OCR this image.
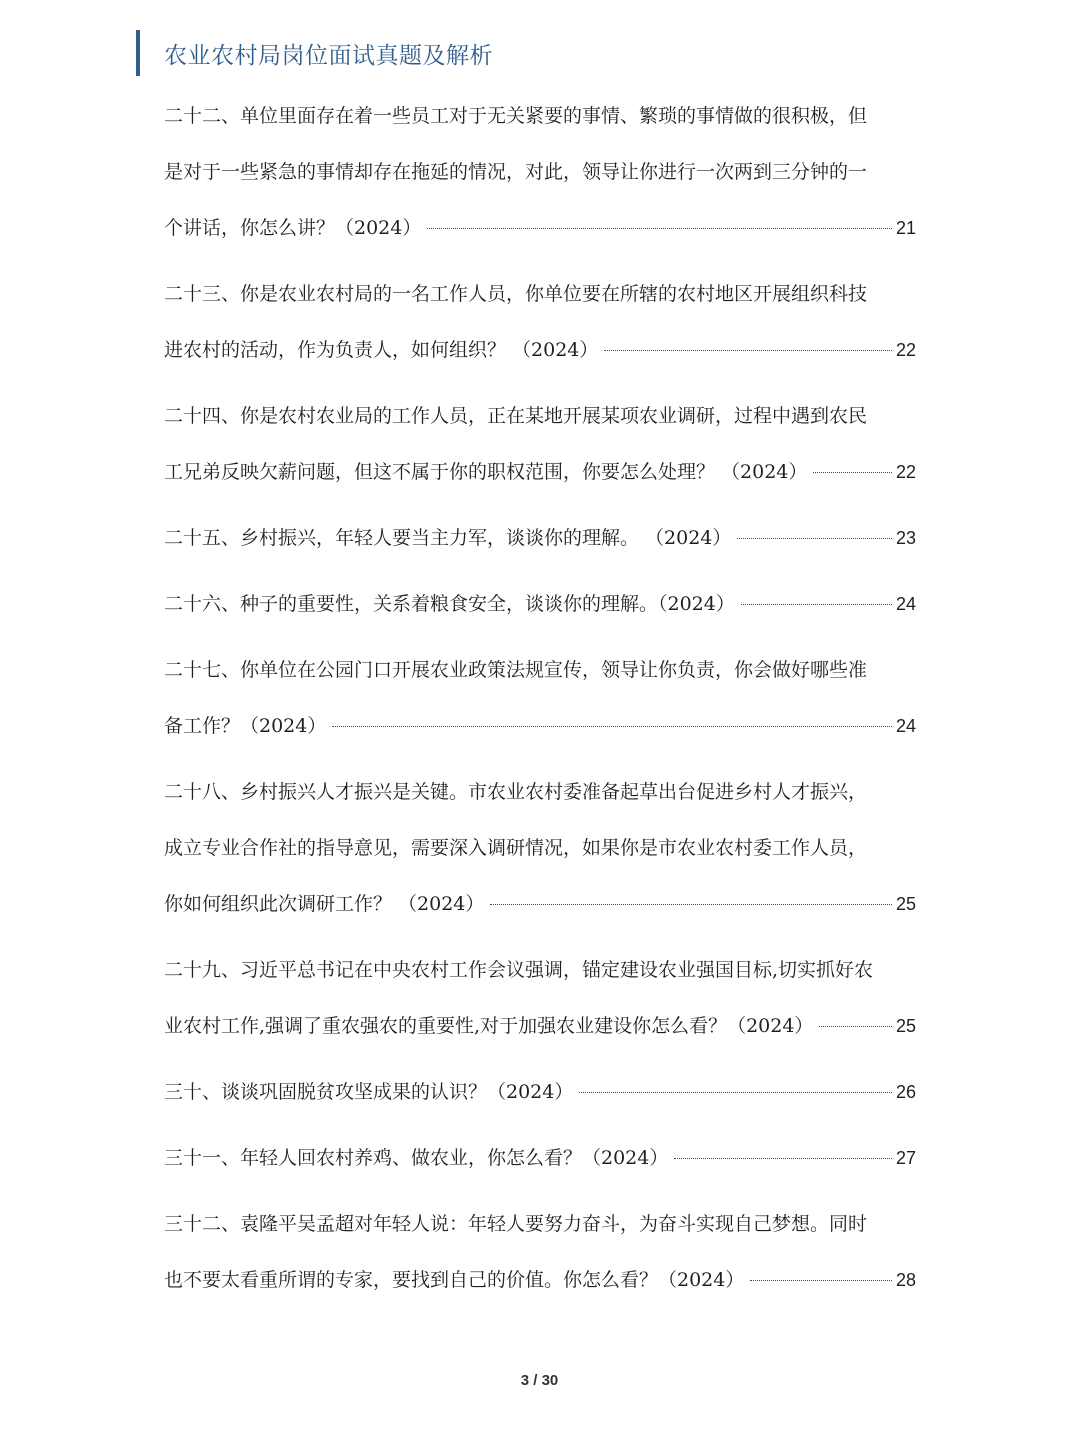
农业农村局岗位面试真题及解析
二十二、单位里面存在着一些员工对于无关紧要的事情、繁琐的事情做的很积极，但
是对于一些紧急的事情却存在拖延的情况，对此，领导让你进行一次两到三分钟的一
个讲话，你怎么讲？（2024）	21
二十三、你是农业农村局的一名工作人员，你单位要在所辖的农村地区开展组织科技
进农村的活动，作为负责人，如何组织？ （2024）	22
二十四、你是农村农业局的工作人员，正在某地开展某项农业调研，过程中遇到农民
工兄弟反映欠薪问题，但这不属于你的职权范围，你要怎么处理？ （2024）	22
二十五、乡村振兴，年轻人要当主力军，谈谈你的理解。 （2024）	23
二十六、种子的重要性，关系着粮食安全，谈谈你的理解。（2024）	24
二十七、你单位在公园门口开展农业政策法规宣传，领导让你负责，你会做好哪些准
备工作？（2024）	24
二十八、乡村振兴人才振兴是关键。市农业农村委准备起草出台促进乡村人才振兴，
成立专业合作社的指导意见，需要深入调研情况，如果你是市农业农村委工作人员，
你如何组织此次调研工作？ （2024）	25
二十九、习近平总书记在中央农村工作会议强调，锚定建设农业强国目标,切实抓好农
业农村工作,强调了重农强农的重要性,对于加强农业建设你怎么看？（2024）	25
三十、谈谈巩固脱贫攻坚成果的认识？（2024）	26
三十一、年轻人回农村养鸡、做农业，你怎么看？（2024）	27
三十二、袁隆平吴孟超对年轻人说：年轻人要努力奋斗，为奋斗实现自己梦想。同时
也不要太看重所谓的专家，要找到自己的价值。你怎么看？（2024）	28
3 / 30
